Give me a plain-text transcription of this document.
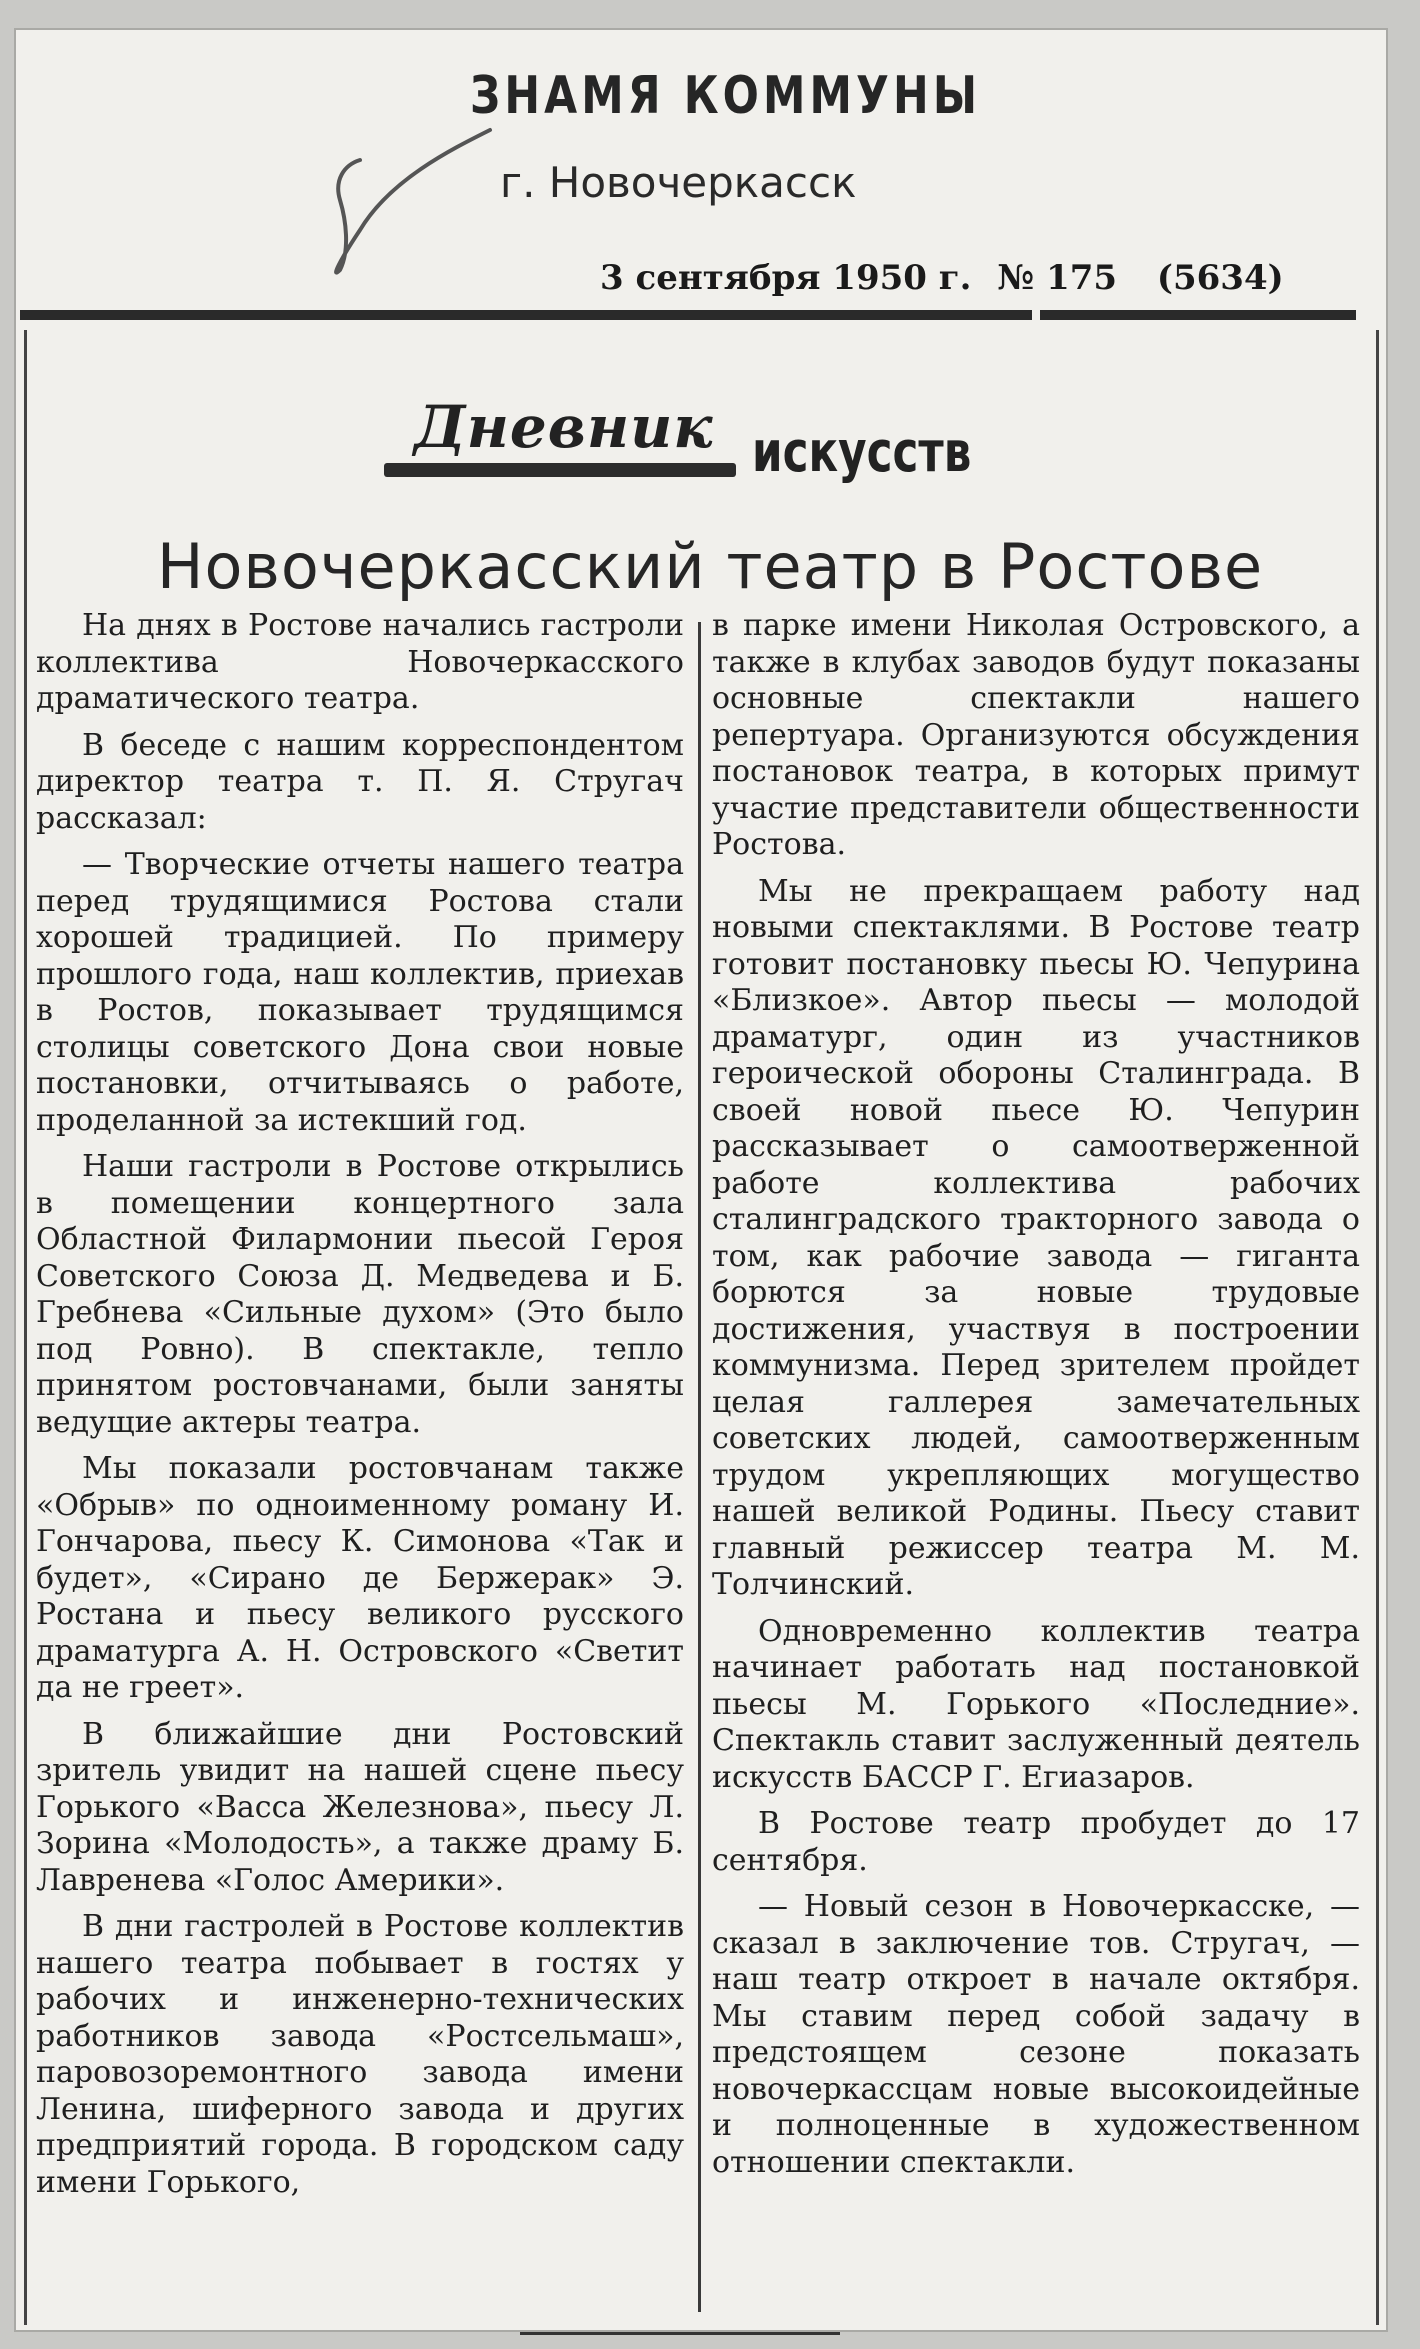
ЗНАМЯ КОММУНЫ
г. Новочеркасск
3 сентября 1950 г. № 175 (5634)
Дневник искусств
Новочеркасский театр в Ростове

На днях в Ростове начались гастроли коллектива Новочеркасского драматического театра.

В беседе с нашим корреспондентом директор театра т. П. Я. Стругач рассказал:

— Творческие отчеты нашего театра перед трудящимися Ростова стали хорошей традицией. По примеру прошлого года, наш коллектив, приехав в Ростов, показывает трудящимся столицы советского Дона свои новые постановки, отчитываясь о работе, проделанной за истекший год.

Наши гастроли в Ростове открылись в помещении концертного зала Областной Филармонии пьесой Героя Советского Союза Д. Медведева и Б. Гребнева «Сильные духом» (Это было под Ровно). В спектакле, тепло принятом ростовчанами, были заняты ведущие актеры театра.

Мы показали ростовчанам также «Обрыв» по одноименному роману И. Гончарова, пьесу К. Симонова «Так и будет», «Сирано де Бержерак» Э. Ростана и пьесу великого русского драматурга А. Н. Островского «Светит да не греет».

В ближайшие дни Ростовский зритель увидит на нашей сцене пьесу Горького «Васса Железнова», пьесу Л. Зорина «Молодость», а также драму Б. Лавренева «Голос Америки».

В дни гастролей в Ростове коллектив нашего театра побывает в гостях у рабочих и инженерно-технических работников завода «Ростсельмаш», паровозоремонтного завода имени Ленина, шиферного завода и других предприятий города. В городском саду имени Горького,

в парке имени Николая Островского, а также в клубах заводов будут показаны основные спектакли нашего репертуара. Организуются обсуждения постановок театра, в которых примут участие представители общественности Ростова.

Мы не прекращаем работу над новыми спектаклями. В Ростове театр готовит постановку пьесы Ю. Чепурина «Близкое». Автор пьесы — молодой драматург, один из участников героической обороны Сталинграда. В своей новой пьесе Ю. Чепурин рассказывает о самоотверженной работе коллектива рабочих сталинградского тракторного завода о том, как рабочие завода — гиганта борются за новые трудовые достижения, участвуя в построении коммунизма. Перед зрителем пройдет целая галлерея замечательных советских людей, самоотверженным трудом укрепляющих могущество нашей великой Родины. Пьесу ставит главный режиссер театра М. М. Толчинский.

Одновременно коллектив театра начинает работать над постановкой пьесы М. Горького «Последние». Спектакль ставит заслуженный деятель искусств БАССР Г. Егиазаров.

В Ростове театр пробудет до 17 сентября.

— Новый сезон в Новочеркасске, — сказал в заключение тов. Стругач, — наш театр откроет в начале октября. Мы ставим перед собой задачу в предстоящем сезоне показать новочеркассцам новые высокоидейные и полноценные в художественном отношении спектакли.
